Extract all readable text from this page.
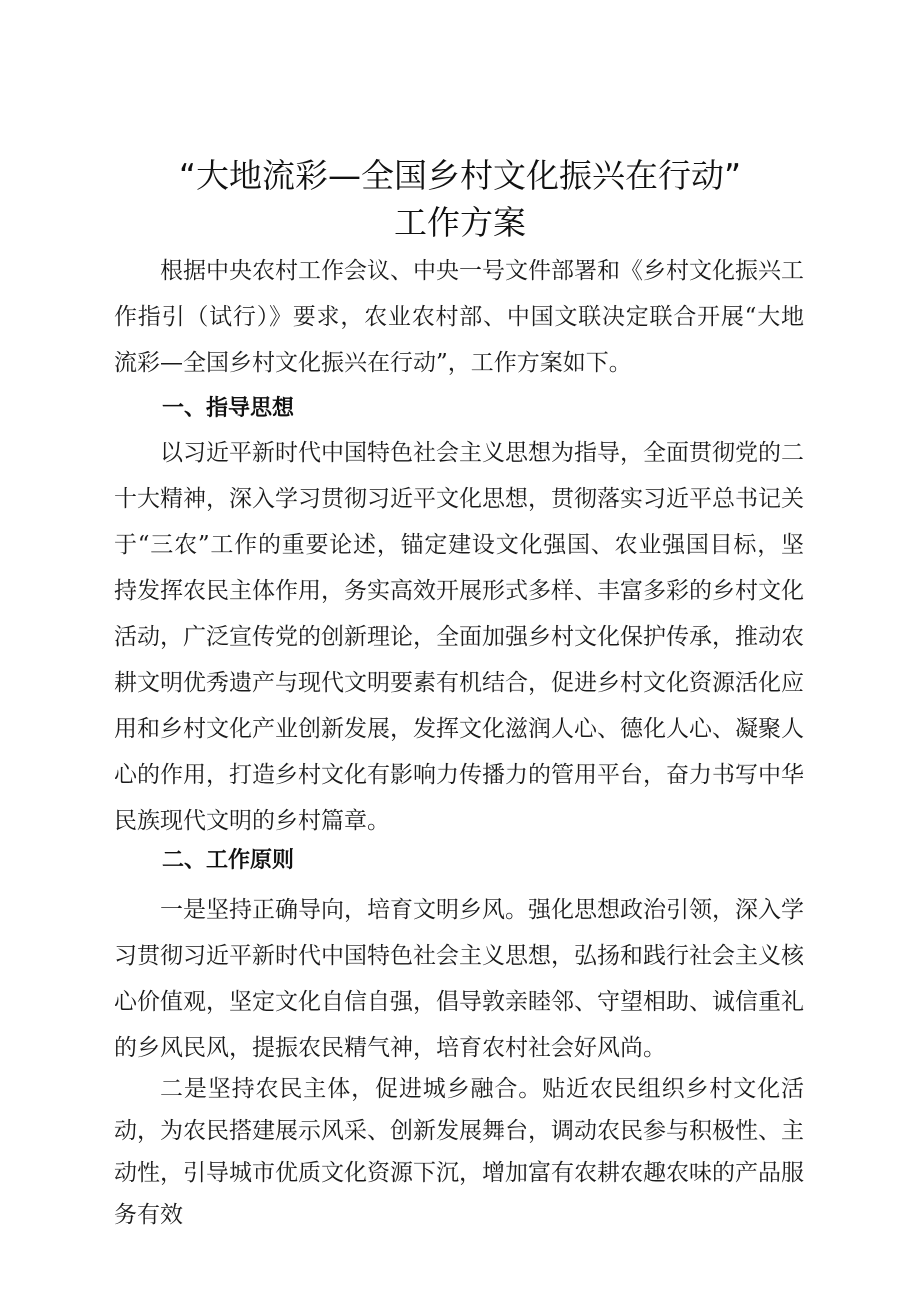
“大地流彩—全国乡村文化振兴在行动”
工作方案

根据中央农村工作会议、中央一号文件部署和《乡村文化振兴工作指引（试行）》要求，农业农村部、中国文联决定联合开展“大地流彩—全国乡村文化振兴在行动”，工作方案如下。

一、指导思想

以习近平新时代中国特色社会主义思想为指导，全面贯彻党的二十大精神，深入学习贯彻习近平文化思想，贯彻落实习近平总书记关于“三农”工作的重要论述，锚定建设文化强国、农业强国目标，坚持发挥农民主体作用，务实高效开展形式多样、丰富多彩的乡村文化活动，广泛宣传党的创新理论，全面加强乡村文化保护传承，推动农耕文明优秀遗产与现代文明要素有机结合，促进乡村文化资源活化应用和乡村文化产业创新发展，发挥文化滋润人心、德化人心、凝聚人心的作用，打造乡村文化有影响力传播力的管用平台，奋力书写中华民族现代文明的乡村篇章。

二、工作原则

一是坚持正确导向，培育文明乡风。强化思想政治引领，深入学习贯彻习近平新时代中国特色社会主义思想，弘扬和践行社会主义核心价值观，坚定文化自信自强，倡导敦亲睦邻、守望相助、诚信重礼的乡风民风，提振农民精气神，培育农村社会好风尚。

二是坚持农民主体，促进城乡融合。贴近农民组织乡村文化活动，为农民搭建展示风采、创新发展舞台，调动农民参与积极性、主动性，引导城市优质文化资源下沉，增加富有农耕农趣农味的产品服务有效
